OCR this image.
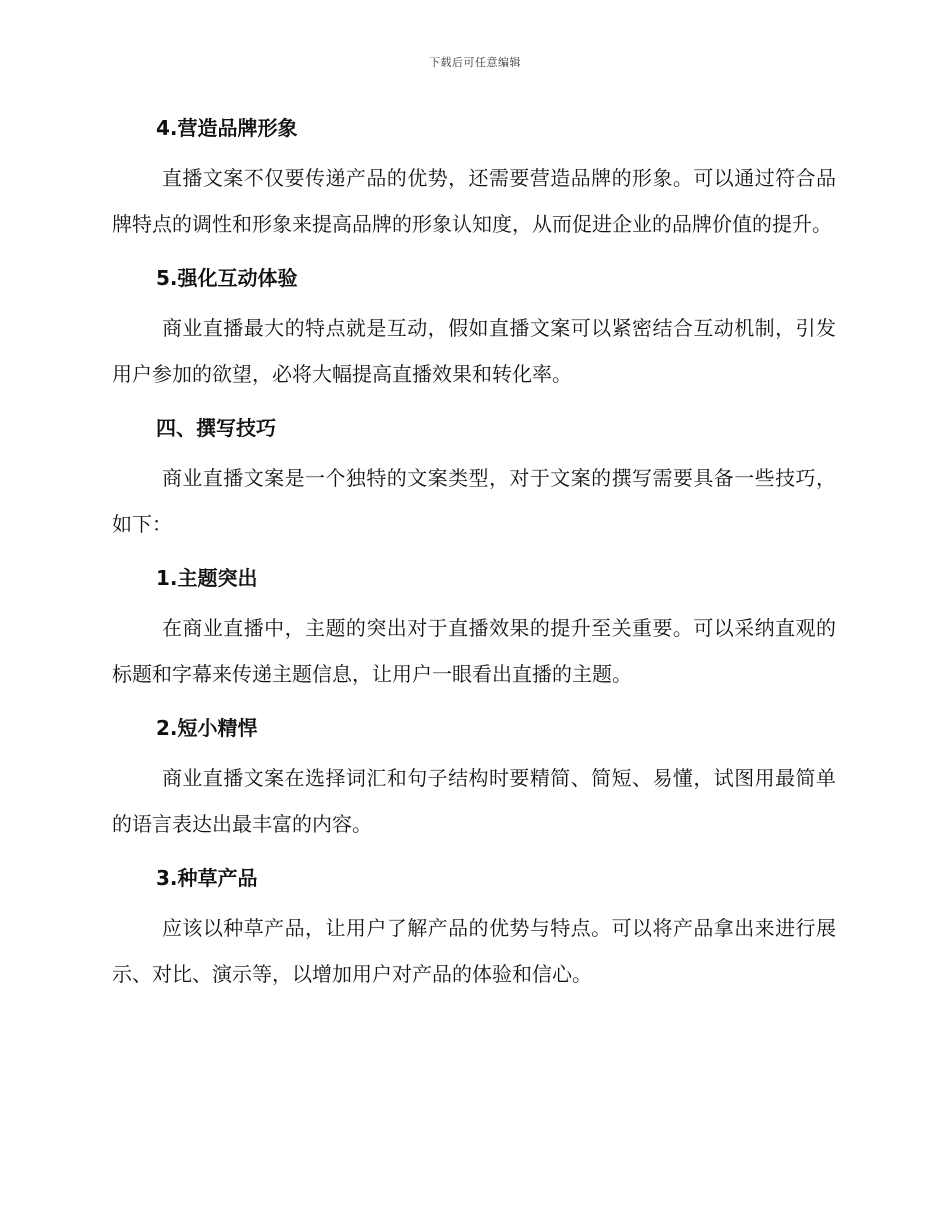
下载后可任意编辑
4.营造品牌形象
直播文案不仅要传递产品的优势，还需要营造品牌的形象。可以通过符合品牌特点的调性和形象来提高品牌的形象认知度，从而促进企业的品牌价值的提升。
5.强化互动体验
商业直播最大的特点就是互动，假如直播文案可以紧密结合互动机制，引发用户参加的欲望，必将大幅提高直播效果和转化率。
四、撰写技巧
商业直播文案是一个独特的文案类型，对于文案的撰写需要具备一些技巧，如下：
1.主题突出
在商业直播中，主题的突出对于直播效果的提升至关重要。可以采纳直观的标题和字幕来传递主题信息，让用户一眼看出直播的主题。
2.短小精悍
商业直播文案在选择词汇和句子结构时要精简、简短、易懂，试图用最简单的语言表达出最丰富的内容。
3.种草产品
应该以种草产品，让用户了解产品的优势与特点。可以将产品拿出来进行展示、对比、演示等，以增加用户对产品的体验和信心。
